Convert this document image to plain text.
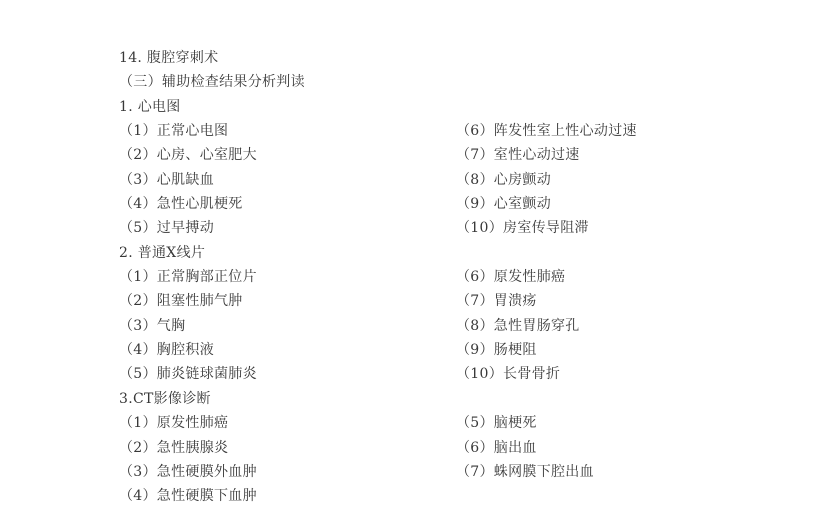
14. 腹腔穿刺术
（三）辅助检查结果分析判读
1. 心电图
（1）正常心电图	（6）阵发性室上性心动过速
（2）心房、心室肥大	（7）室性心动过速
（3）心肌缺血	（8）心房颤动
（4）急性心肌梗死	（9）心室颤动
（5）过早搏动	（10）房室传导阻滞
2. 普通X线片
（1）正常胸部正位片	（6）原发性肺癌
（2）阻塞性肺气肿	（7）胃溃疡
（3）气胸	（8）急性胃肠穿孔
（4）胸腔积液	（9）肠梗阻
（5）肺炎链球菌肺炎	（10）长骨骨折
3.CT影像诊断
（1）原发性肺癌	（5）脑梗死
（2）急性胰腺炎	（6）脑出血
（3）急性硬膜外血肿	（7）蛛网膜下腔出血
（4）急性硬膜下血肿
